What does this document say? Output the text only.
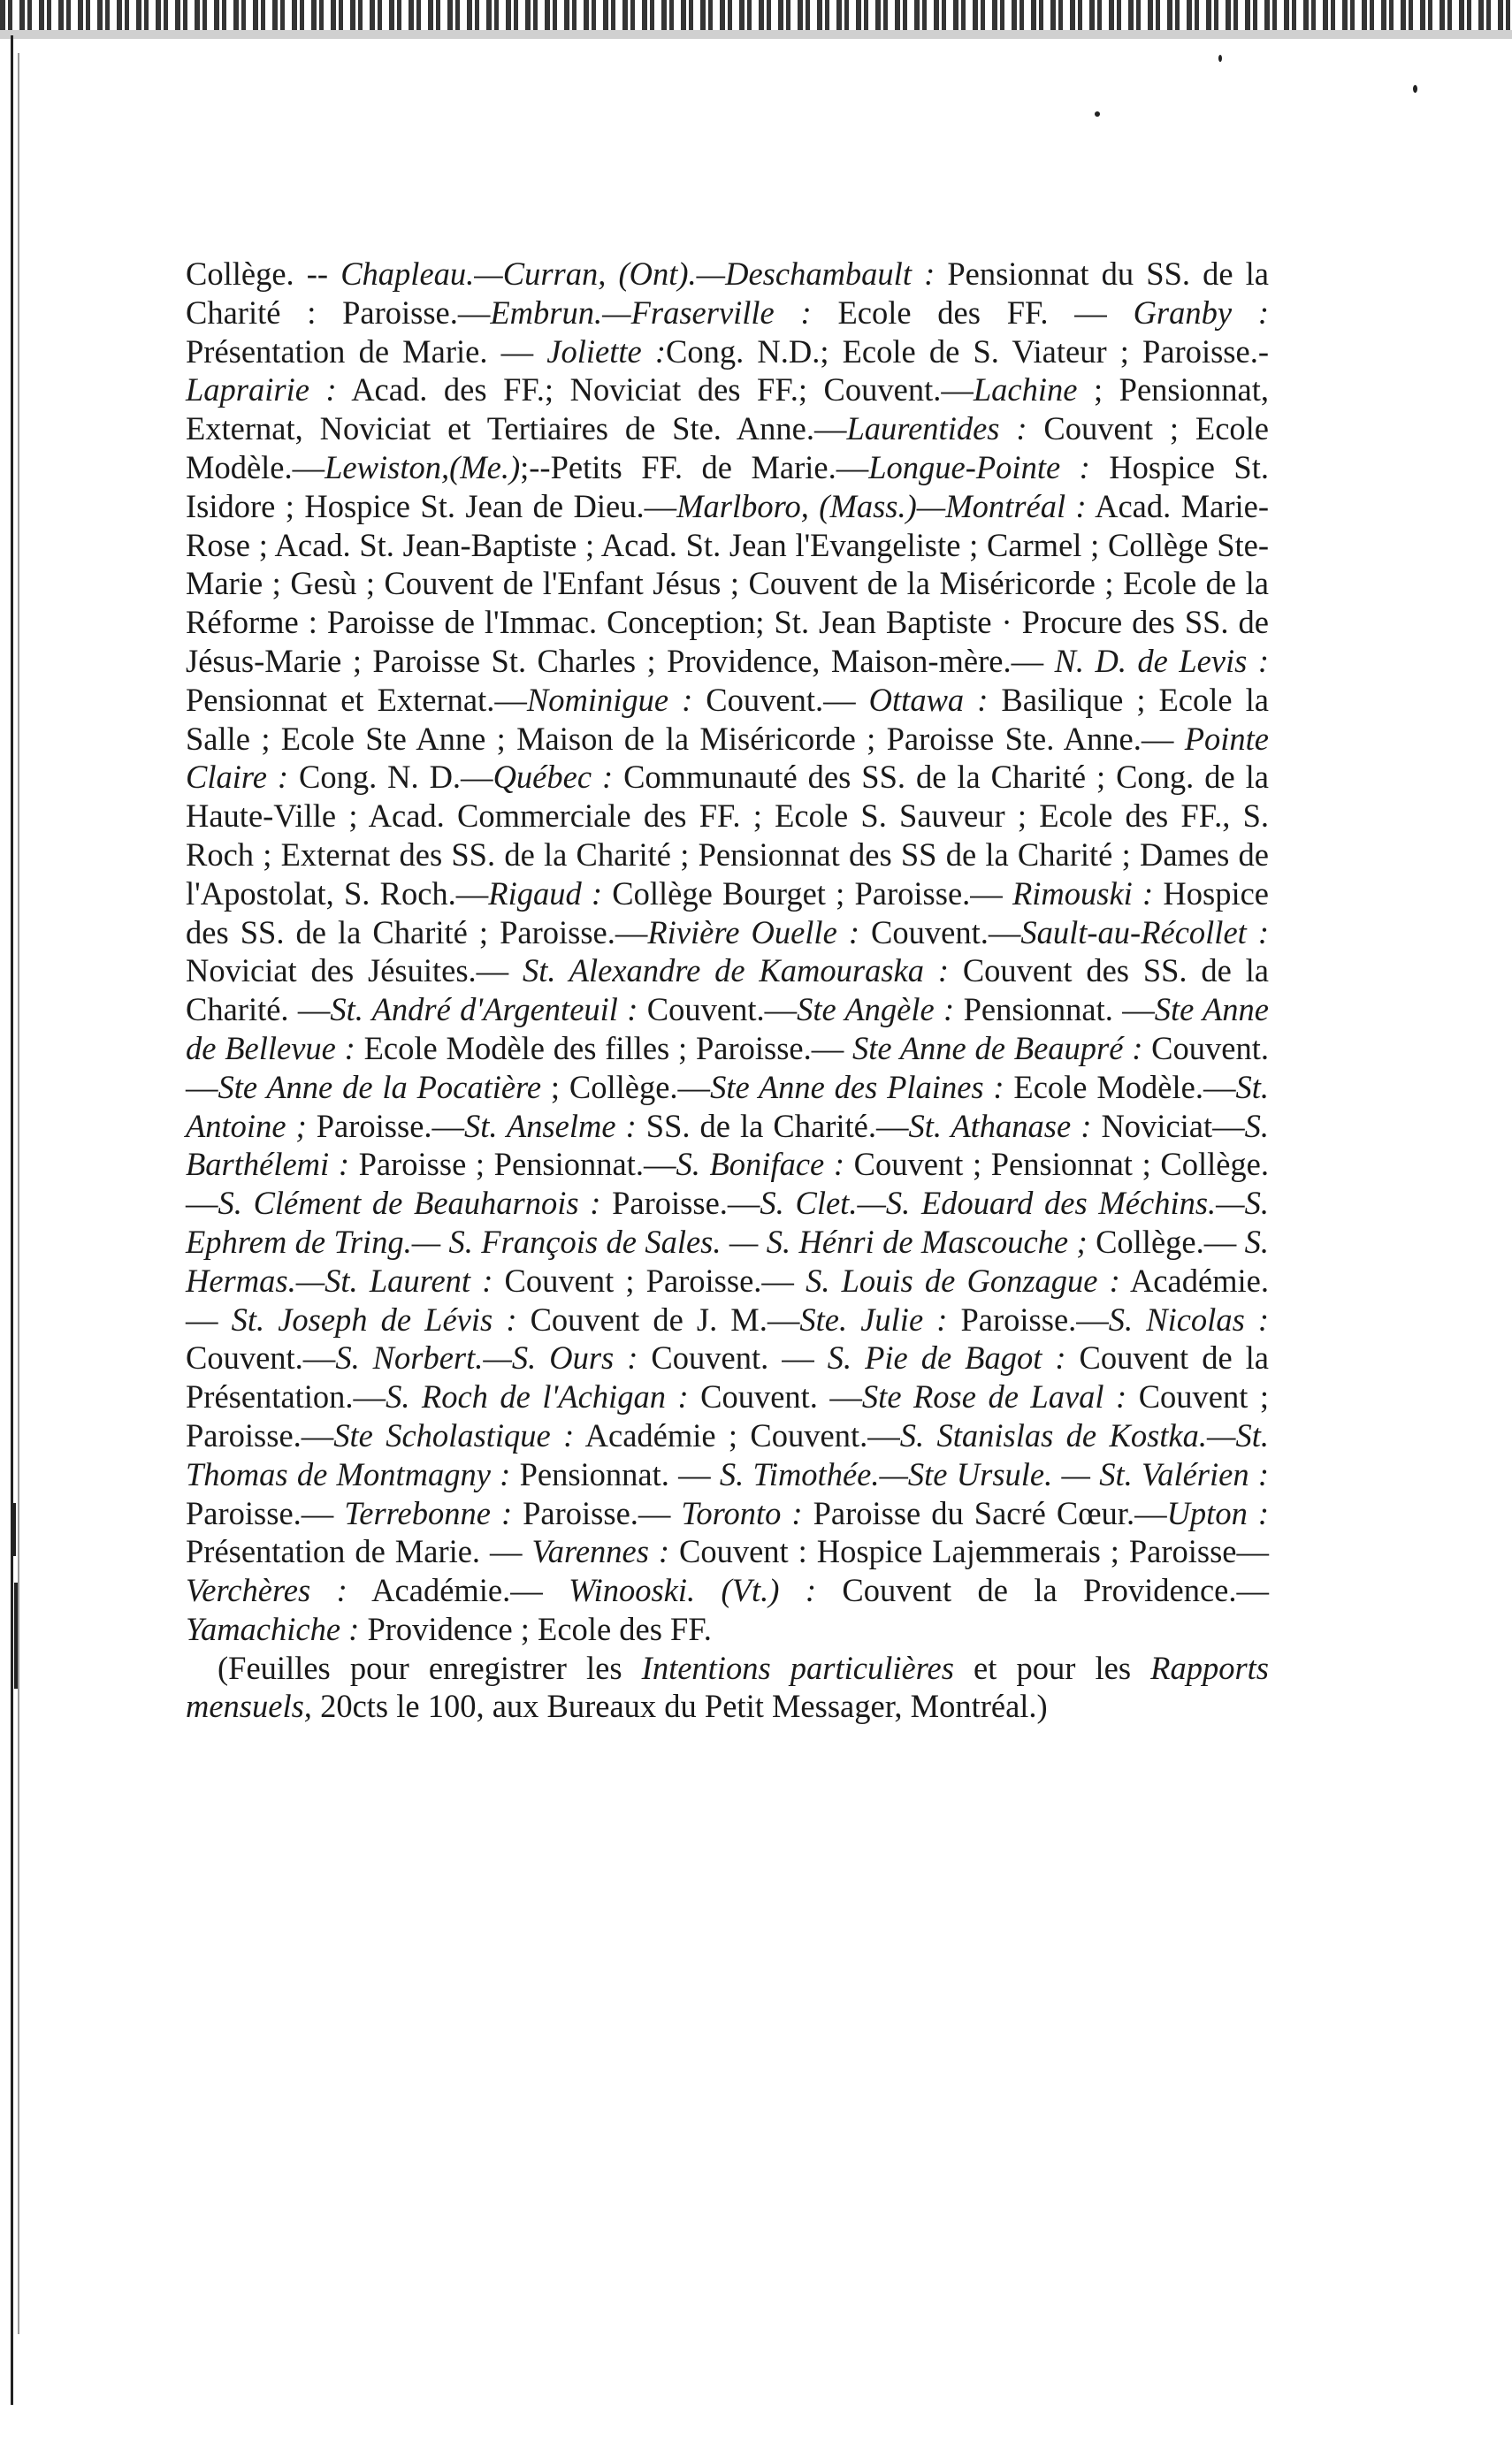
Collège. -- Chapleau.—Curran, (Ont).—Deschambault : Pensionnat du SS. de la Charité : Paroisse.—Embrun.—Fraserville : Ecole des FF. — Granby : Présentation de Marie. — Joliette :Cong. N.D.; Ecole de S. Viateur ; Paroisse.-Laprairie : Acad. des FF.; Noviciat des FF.; Couvent.—Lachine ; Pensionnat, Externat, Noviciat et Tertiaires de Ste. Anne.—Laurentides : Couvent ; Ecole Modèle.—Lewiston,(Me.);--Petits FF. de Marie.—Longue-Pointe : Hospice St. Isidore ; Hospice St. Jean de Dieu.—Marlboro, (Mass.)—Montréal : Acad. Marie-Rose ; Acad. St. Jean-Baptiste ; Acad. St. Jean l'Evangeliste ; Carmel ; Collège Ste-Marie ; Gesù ; Couvent de l'Enfant Jésus ; Couvent de la Miséricorde ; Ecole de la Réforme : Paroisse de l'Immac. Conception; St. Jean Baptiste · Procure des SS. de Jésus-Marie ; Paroisse St. Charles ; Providence, Maison-mère.— N. D. de Levis : Pensionnat et Externat.—Nominigue : Couvent.— Ottawa : Basilique ; Ecole la Salle ; Ecole Ste Anne ; Maison de la Miséricorde ; Paroisse Ste. Anne.— Pointe Claire : Cong. N. D.—Québec : Communauté des SS. de la Charité ; Cong. de la Haute-Ville ; Acad. Commerciale des FF. ; Ecole S. Sauveur ; Ecole des FF., S. Roch ; Externat des SS. de la Charité ; Pensionnat des SS de la Charité ; Dames de l'Apostolat, S. Roch.—Rigaud : Collège Bourget ; Paroisse.— Rimouski : Hospice des SS. de la Charité ; Paroisse.—Rivière Ouelle : Couvent.—Sault-au-Récollet : Noviciat des Jésuites.— St. Alexandre de Kamouraska : Couvent des SS. de la Charité. —St. André d'Argenteuil : Couvent.—Ste Angèle : Pensionnat. —Ste Anne de Bellevue : Ecole Modèle des filles ; Paroisse.— Ste Anne de Beaupré : Couvent.—Ste Anne de la Pocatière ; Collège.—Ste Anne des Plaines : Ecole Modèle.—St. Antoine ; Paroisse.—St. Anselme : SS. de la Charité.—St. Athanase : Noviciat—S. Barthélemi : Paroisse ; Pensionnat.—S. Boniface : Couvent ; Pensionnat ; Collège.—S. Clément de Beauharnois : Paroisse.—S. Clet.—S. Edouard des Méchins.—S. Ephrem de Tring.— S. François de Sales. — S. Hénri de Mascouche ; Collège.— S. Hermas.—St. Laurent : Couvent ; Paroisse.— S. Louis de Gonzague : Académie. — St. Joseph de Lévis : Couvent de J. M.—Ste. Julie : Paroisse.—S. Nicolas : Couvent.—S. Norbert.—S. Ours : Couvent. — S. Pie de Bagot : Couvent de la Présentation.—S. Roch de l'Achigan : Couvent. —Ste Rose de Laval : Couvent ; Paroisse.—Ste Scholastique : Académie ; Couvent.—S. Stanislas de Kostka.—St. Thomas de Montmagny : Pensionnat. — S. Timothée.—Ste Ursule. — St. Valérien : Paroisse.— Terrebonne : Paroisse.— Toronto : Paroisse du Sacré Cœur.—Upton : Présentation de Marie. — Varennes : Couvent : Hospice Lajemmerais ; Paroisse— Verchères : Académie.— Winooski. (Vt.) : Couvent de la Providence.— Yamachiche : Providence ; Ecole des FF.

(Feuilles pour enregistrer les Intentions particulières et pour les Rapports mensuels, 20cts le 100, aux Bureaux du Petit Messager, Montréal.)
